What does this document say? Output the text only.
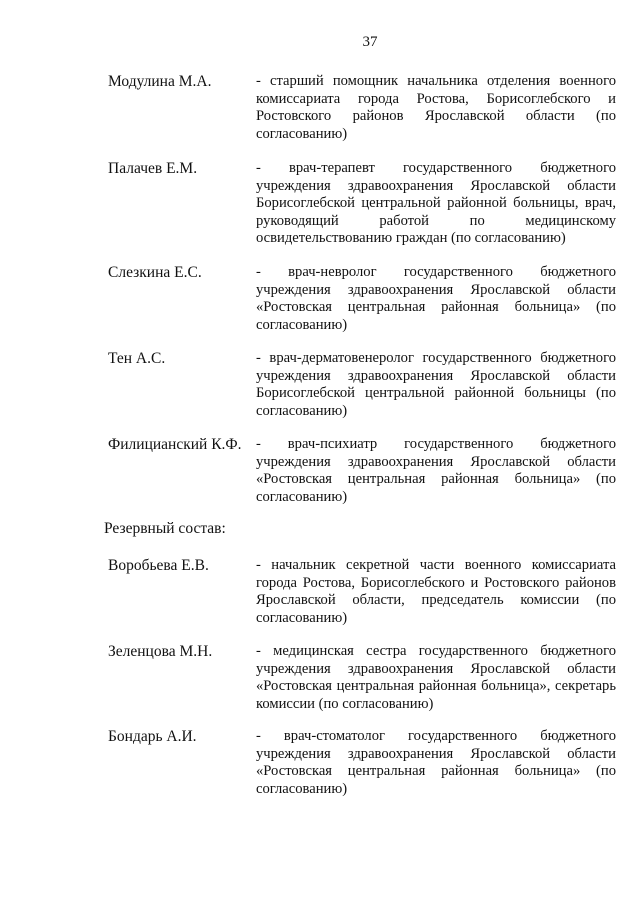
37
Модулина М.А.	- старший помощник начальника отделения военного комиссариата города Ростова, Борисоглебского и Ростовского районов Ярославской области (по согласованию)
Палачев Е.М.	- врач-терапевт государственного бюджетного учреждения здравоохранения Ярославской области Борисоглебской центральной районной больницы, врач, руководящий работой по медицинскому освидетельствованию граждан (по согласованию)
Слезкина Е.С.	- врач-невролог государственного бюджетного учреждения здравоохранения Ярославской области «Ростовская центральная районная больница» (по согласованию)
Тен А.С.	- врач-дерматовенеролог государственного бюджетного учреждения здравоохранения Ярославской области Борисоглебской центральной районной больницы (по согласованию)
Филицианский К.Ф. - врач-психиатр государственного бюджетного учреждения здравоохранения Ярославской области «Ростовская центральная районная больница» (по согласованию)
Резервный состав:
Воробьева Е.В.	- начальник секретной части военного комиссариата города Ростова, Борисоглебского и Ростовского районов Ярославской области, председатель комиссии (по согласованию)
Зеленцова М.Н.	- медицинская сестра государственного бюджетного учреждения здравоохранения Ярославской области «Ростовская центральная районная больница», секретарь комиссии (по согласованию)
Бондарь А.И.	- врач-стоматолог государственного бюджетного учреждения здравоохранения Ярославской области «Ростовская центральная районная больница» (по согласованию)
